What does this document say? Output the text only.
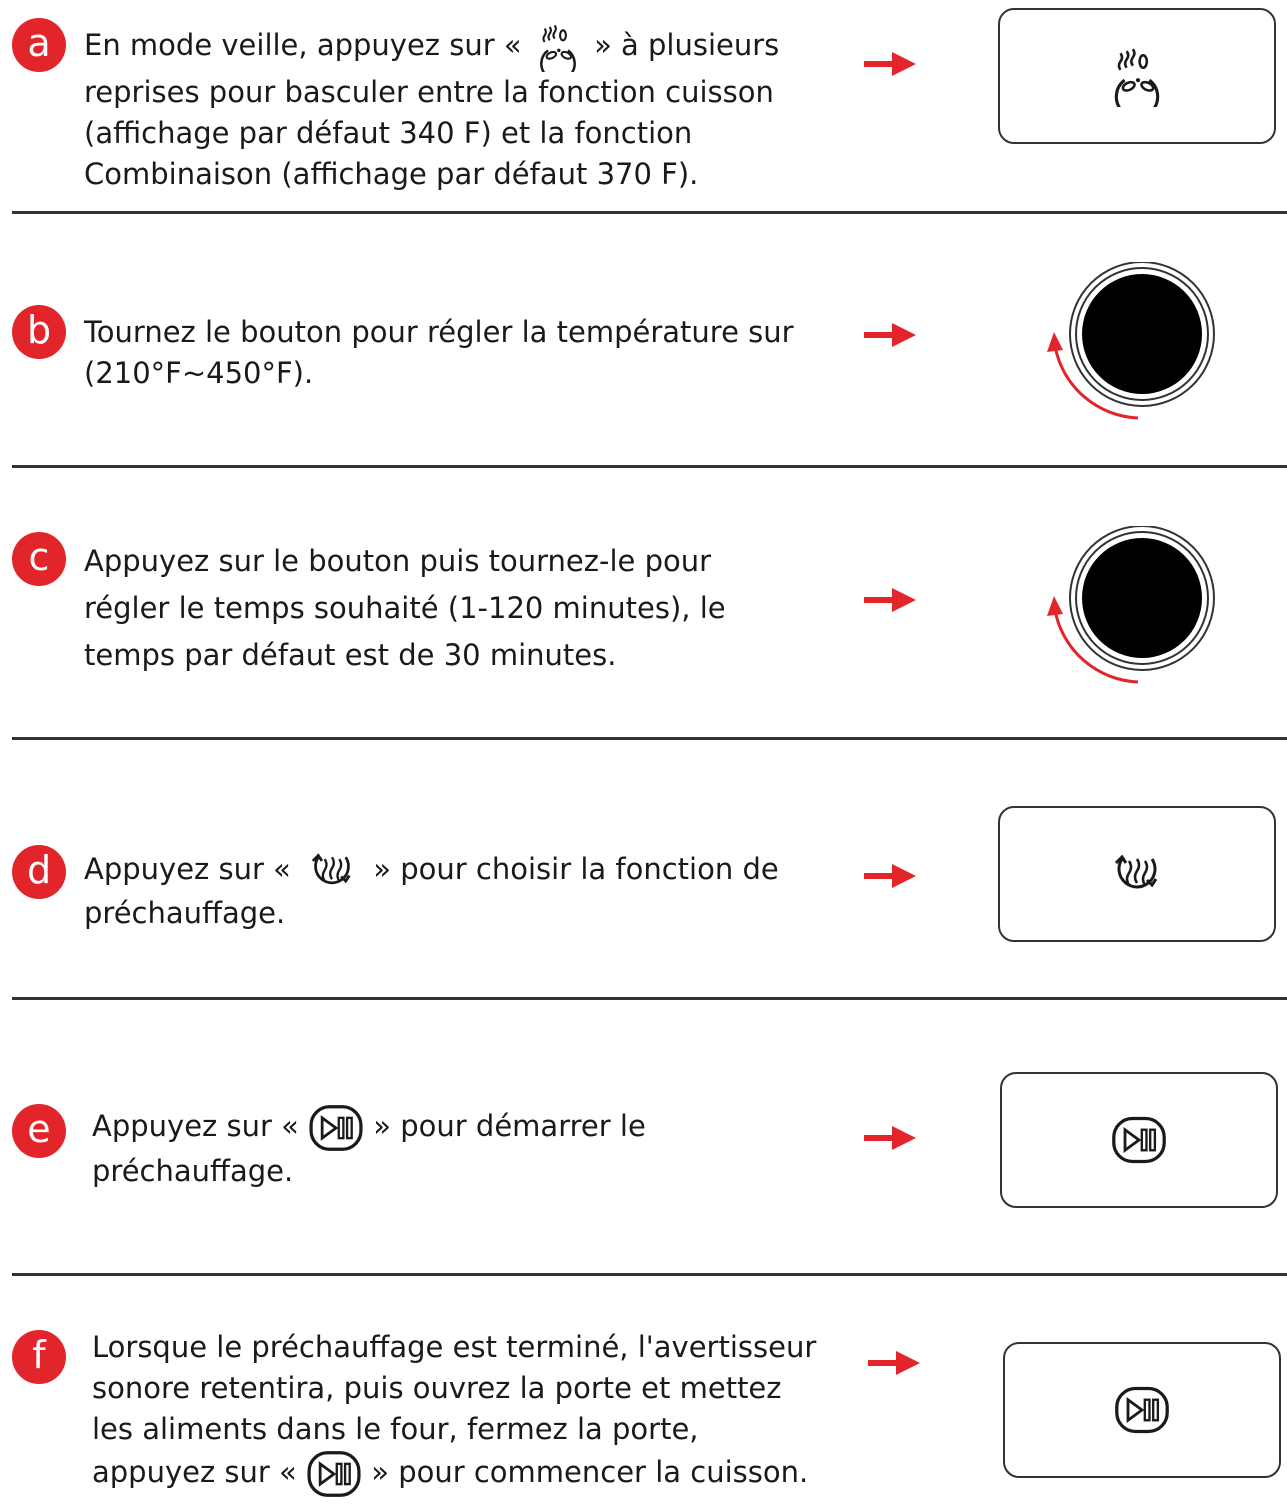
a	En mode veille, appuyez sur « » à plusieurs reprises pour basculer entre la fonction cuisson (affichage par défaut 340 F) et la fonction Combinaison (affichage par défaut 370 F).
b	Tournez le bouton pour régler la température sur (210°F~450°F).
c	Appuyez sur le bouton puis tournez-le pour régler le temps souhaité (1-120 minutes), le temps par défaut est de 30 minutes.
d	Appuyez sur «	» pour choisir la fonction de préchauffage.
e	Appuyez sur «	» pour démarrer le préchauffage.
f	Lorsque le préchauffage est terminé, l'avertisseur sonore retentira, puis ouvrez la porte et mettez les aliments dans le four, fermez la porte, appuyez sur «	» pour commencer la cuisson.
